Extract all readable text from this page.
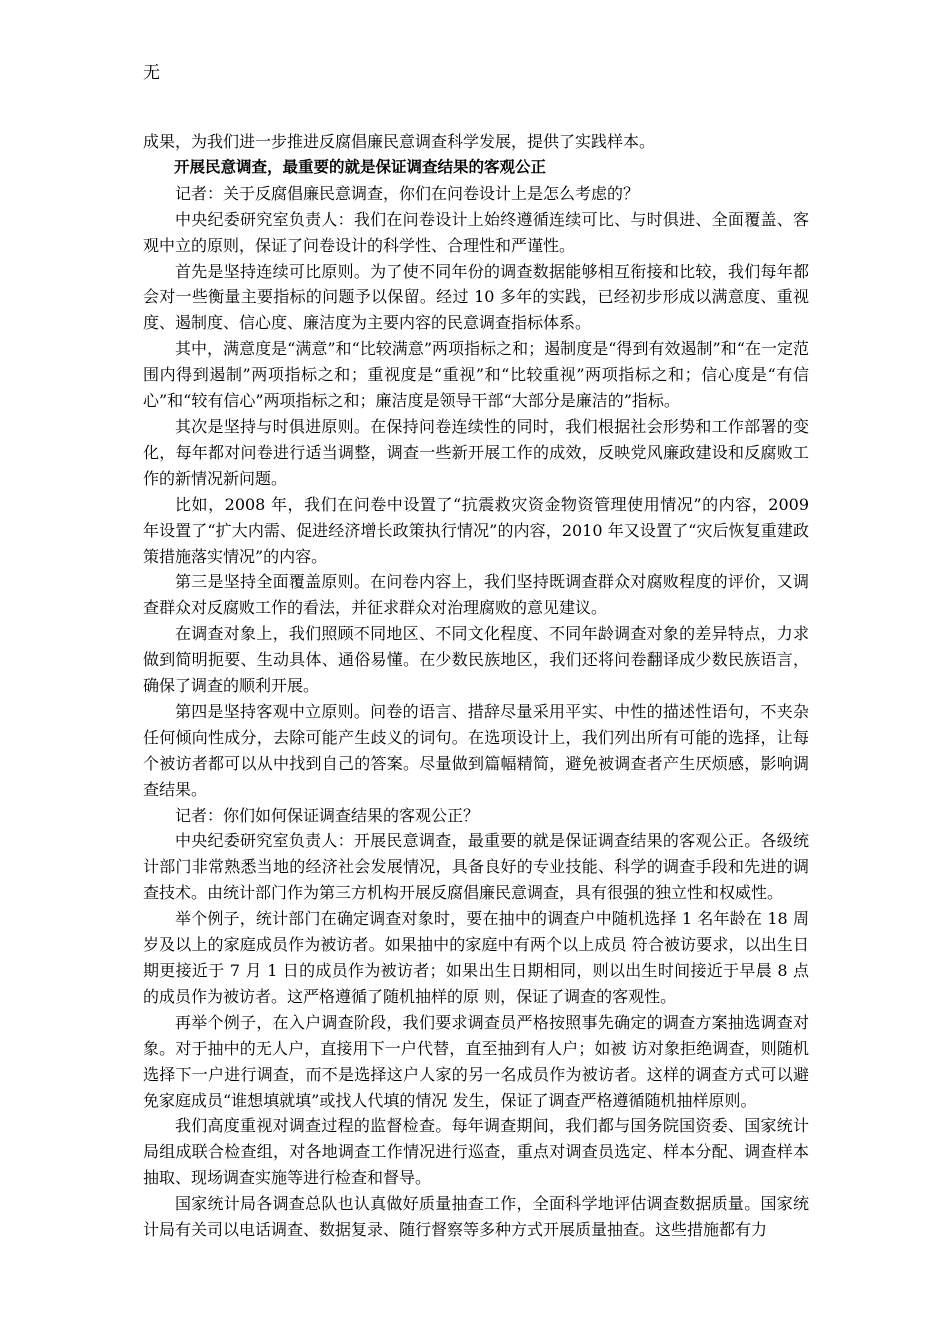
无

成果，为我们进一步推进反腐倡廉民意调查科学发展，提供了实践样本。

开展民意调查，最重要的就是保证调查结果的客观公正

记者：关于反腐倡廉民意调查，你们在问卷设计上是怎么考虑的？

中央纪委研究室负责人：我们在问卷设计上始终遵循连续可比、与时俱进、全面覆盖、客观中立的原则，保证了问卷设计的科学性、合理性和严谨性。

首先是坚持连续可比原则。为了使不同年份的调查数据能够相互衔接和比较，我们每年都会对一些衡量主要指标的问题予以保留。经过 10 多年的实践，已经初步形成以满意度、重视度、遏制度、信心度、廉洁度为主要内容的民意调查指标体系。

其中，满意度是“满意”和“比较满意”两项指标之和；遏制度是“得到有效遏制”和“在一定范围内得到遏制”两项指标之和；重视度是“重视”和“比较重视”两项指标之和；信心度是“有信心”和“较有信心”两项指标之和；廉洁度是领导干部“大部分是廉洁的”指标。

其次是坚持与时俱进原则。在保持问卷连续性的同时，我们根据社会形势和工作部署的变化，每年都对问卷进行适当调整，调查一些新开展工作的成效，反映党风廉政建设和反腐败工作的新情况新问题。

比如，2008 年，我们在问卷中设置了“抗震救灾资金物资管理使用情况”的内容，2009 年设置了“扩大内需、促进经济增长政策执行情况”的内容，2010 年又设置了“灾后恢复重建政策措施落实情况”的内容。

第三是坚持全面覆盖原则。在问卷内容上，我们坚持既调查群众对腐败程度的评价，又调查群众对反腐败工作的看法，并征求群众对治理腐败的意见建议。

在调查对象上，我们照顾不同地区、不同文化程度、不同年龄调查对象的差异特点，力求做到简明扼要、生动具体、通俗易懂。在少数民族地区，我们还将问卷翻译成少数民族语言，确保了调查的顺利开展。

第四是坚持客观中立原则。问卷的语言、措辞尽量采用平实、中性的描述性语句，不夹杂任何倾向性成分，去除可能产生歧义的词句。在选项设计上，我们列出所有可能的选择，让每个被访者都可以从中找到自己的答案。尽量做到篇幅精简，避免被调查者产生厌烦感，影响调查结果。

记者：你们如何保证调查结果的客观公正？

中央纪委研究室负责人：开展民意调查，最重要的就是保证调查结果的客观公正。各级统计部门非常熟悉当地的经济社会发展情况，具备良好的专业技能、科学的调查手段和先进的调查技术。由统计部门作为第三方机构开展反腐倡廉民意调查，具有很强的独立性和权威性。

举个例子，统计部门在确定调查对象时，要在抽中的调查户中随机选择 1 名年龄在 18 周岁及以上的家庭成员作为被访者。如果抽中的家庭中有两个以上成员 符合被访要求，以出生日期更接近于 7 月 1 日的成员作为被访者；如果出生日期相同，则以出生时间接近于早晨 8 点的成员作为被访者。这严格遵循了随机抽样的原 则，保证了调查的客观性。

再举个例子，在入户调查阶段，我们要求调查员严格按照事先确定的调查方案抽选调查对象。对于抽中的无人户，直接用下一户代替，直至抽到有人户；如被 访对象拒绝调查，则随机选择下一户进行调查，而不是选择这户人家的另一名成员作为被访者。这样的调查方式可以避免家庭成员“谁想填就填”或找人代填的情况 发生，保证了调查严格遵循随机抽样原则。

我们高度重视对调查过程的监督检查。每年调查期间，我们都与国务院国资委、国家统计局组成联合检查组，对各地调查工作情况进行巡查，重点对调查员选定、样本分配、调查样本抽取、现场调查实施等进行检查和督导。

国家统计局各调查总队也认真做好质量抽查工作，全面科学地评估调查数据质量。国家统计局有关司以电话调查、数据复录、随行督察等多种方式开展质量抽查。这些措施都有力
